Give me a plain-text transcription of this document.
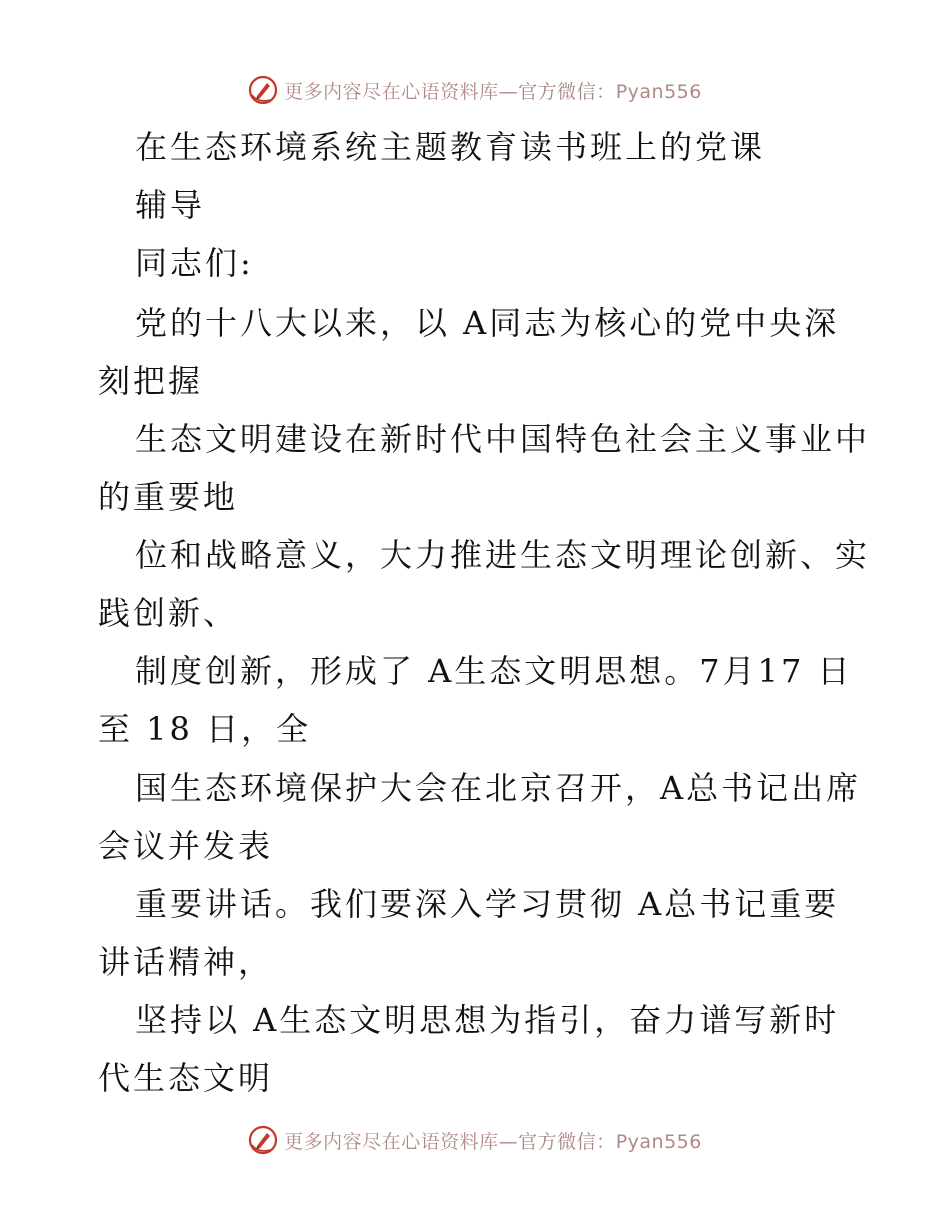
更多内容尽在心语资料库—官方微信：Pyan556
在生态环境系统主题教育读书班上的党课
辅导
同志们:
党的十八大以来，以 A同志为核心的党中央深
刻把握
生态文明建设在新时代中国特色社会主义事业中
的重要地
位和战略意义，大力推进生态文明理论创新、实
践创新、
制度创新，形成了 A生态文明思想。7月17 日
至 18 日，全
国生态环境保护大会在北京召开，A总书记出席
会议并发表
重要讲话。我们要深入学习贯彻 A总书记重要
讲话精神，
坚持以 A生态文明思想为指引，奋力谱写新时
代生态文明
更多内容尽在心语资料库—官方微信：Pyan556
